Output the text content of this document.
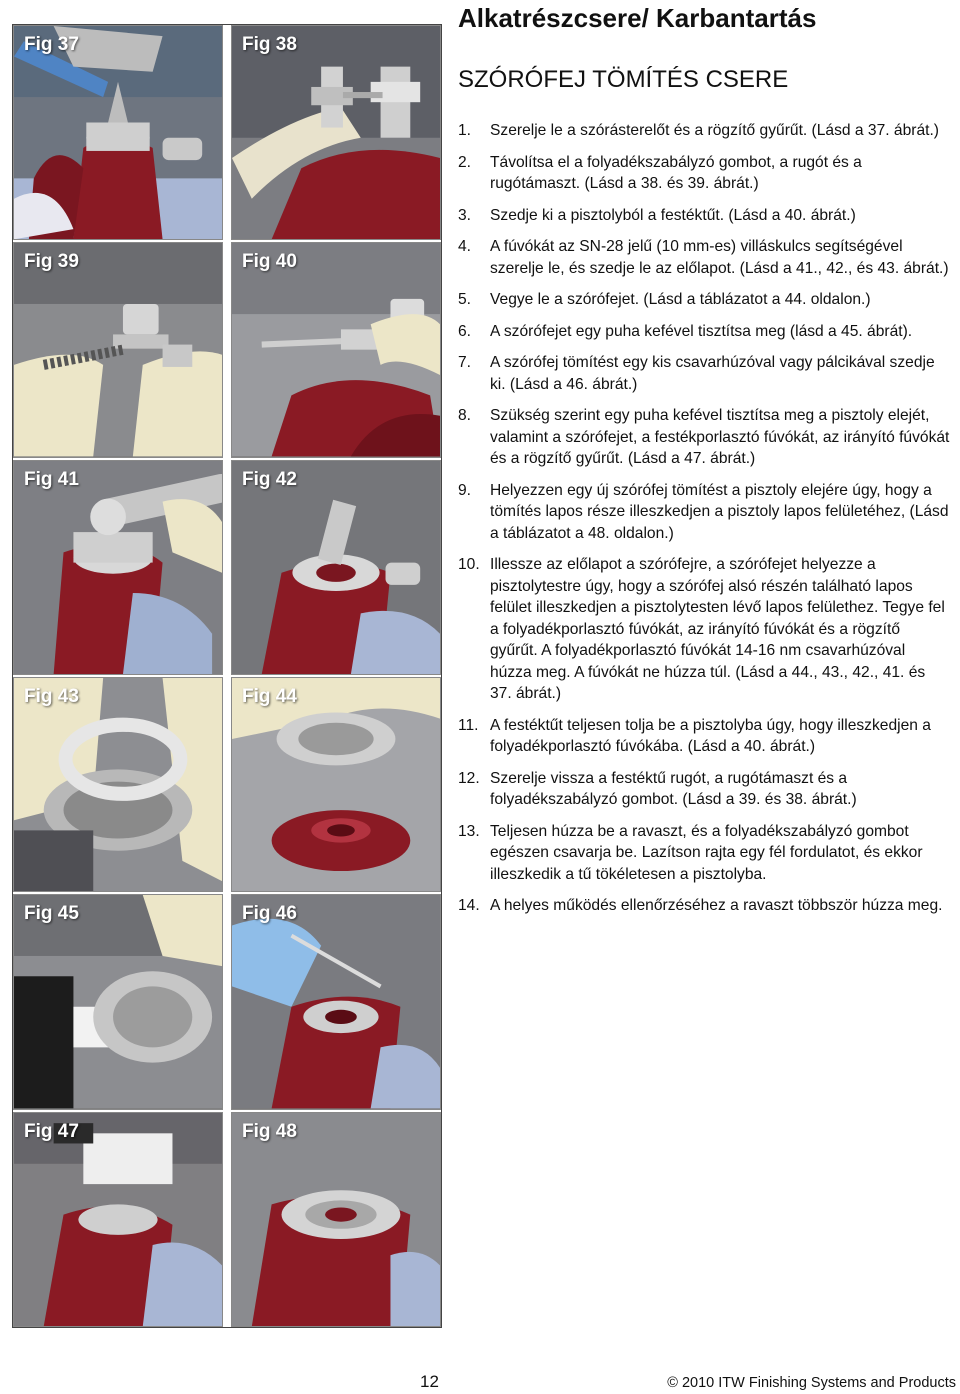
Fig 37	Fig 38
Fig 39	Fig 40
Fig 41	Fig 42
Fig 43	Fig 44
Fig 45	Fig 46
Fig 47	Fig 48
Alkatrészcsere/ Karbantartás
SZÓRÓFEJ TÖMÍTÉS CSERE
1.	Szerelje le a szórásterelőt és a rögzítő gyűrűt. (Lásd a 37. ábrát.)
2.	Távolítsa el a folyadékszabályzó gombot, a rugót és a rugótámaszt. (Lásd a 38. és 39. ábrát.)
3.	Szedje ki a pisztolyból a festéktűt. (Lásd a 40. ábrát.)
4.	A fúvókát az SN-28 jelű (10 mm-es) villáskulcs segítségével szerelje le, és szedje le az előlapot. (Lásd a 41., 42., és 43. ábrát.)
5.	Vegye le a szórófejet. (Lásd a táblázatot a 44. oldalon.)
6.	A szórófejet egy puha kefével tisztítsa meg (lásd a 45. ábrát).
7.	A szórófej tömítést egy kis csavarhúzóval vagy pálcikával szedje ki. (Lásd a 46. ábrát.)
8.	Szükség szerint egy puha kefével tisztítsa meg a pisztoly elejét, valamint a szórófejet, a festékporlasztó fúvókát, az irányító fúvókát és a rögzítő gyűrűt. (Lásd a 47. ábrát.)
9.	Helyezzen egy új szórófej tömítést a pisztoly elejére úgy, hogy a tömítés lapos része illeszkedjen a pisztoly lapos felületéhez, (Lásd a táblázatot a 48. oldalon.)
10. Illessze az előlapot a szórófejre, a szórófejet helyezze a pisztolytestre úgy, hogy a szórófej alsó részén található lapos felület illeszkedjen a pisztolytesten lévő lapos felülethez. Tegye fel a folyadékporlasztó fúvókát, az irányító fúvókát és a rögzítő gyűrűt. A folyadékporlasztó fúvókát 14-16 nm csavarhúzóval húzza meg. A fúvókát ne húzza túl. (Lásd a 44., 43., 42., 41. és 37. ábrát.)
11. A festéktűt teljesen tolja be a pisztolyba úgy, hogy illeszkedjen a folyadékporlasztó fúvókába. (Lásd a 40. ábrát.)
12. Szerelje vissza a festéktű rugót, a rugótámaszt és a folyadékszabályzó gombot. (Lásd a 39. és 38. ábrát.)
13. Teljesen húzza be a ravaszt, és a folyadékszabályzó gombot egészen csavarja be. Lazítson rajta egy fél fordulatot, és ekkor illeszkedik a tű tökéletesen a pisztolyba.
14. A helyes működés ellenőrzéséhez a ravaszt többször húzza meg.
12	© 2010 ITW Finishing Systems and Products
